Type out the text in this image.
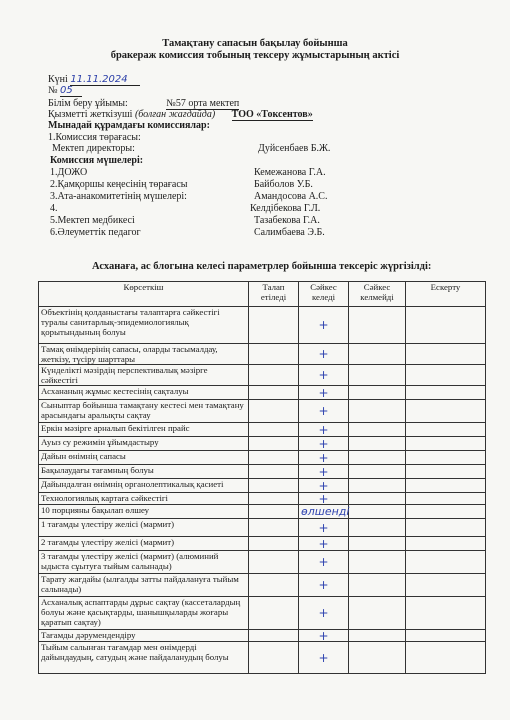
Тамақтану сапасын бақылау бойынша
бракераж комиссия тобының тексеру жұмыстарының актісі
Күні 11.11.2024
№ 05
Білім беру ұйымы:	№57 орта мектеп
Қызметті жеткізуші (болған жағдайда) ТОО «Токсентов»
Мынадай құрамдағы комиссиялар:
1.Комиссия төрағасы:
Мектеп директоры:	Дуйсенбаев Б.Ж.
Комиссия мүшелері:
1.ДОЖО	Кемежанова Г.А.
2.Қамқоршы кеңесінің төрағасы	Байболов У.Б.
3.Ата-анакомитетінің мүшелері:	Амандосова А.С.
4.	Келдібекова Г.Л.
5.Мектеп медбикесі	Тазабекова Г.А.
6.Әлеуметтік педагог	Салимбаева Э.Б.
Асханаға, ас блогына келесі параметрлер бойынша тексеріс жүргізілді:
Көрсеткіш	Талап етіледі	Сәйкес келеді	Сәйкес келмейді	Ескерту
Объектінің қолданыстағы талаптарға сәйкестігі туралы санитарлық-эпидемиологиялық қорытындының болуы		+		
Тамақ өнімдерінің сапасы, оларды тасымалдау, жеткізу, түсіру шарттары		+		
Күнделікті мәзірдің перспективалық мәзірге сәйкестігі		+		
Асхананың жұмыс кестесінің сақталуы		+		
Сыныптар бойынша тамақтану кестесі мен тамақтану арасындағы аралықты сақтау		+		
Еркін мәзірге арналып бекітілген прайс		+		
Ауыз су режимін ұйымдастыру		+		
Дайын өнімнің сапасы		+		
Бақылаудағы тағамның болуы		+		
Дайындалған өнімнің органолептикалық қасиеті		+		
Технологиялық картаға сәйкестігі		+		
10 порцияны бақылап өлшеу		өлшенді		
1 тағамды үлестіру желісі (мармит)		+		
2 тағамды үлестіру желісі (мармит)		+		
3 тағамды үлестіру желісі (мармит) (алюминий ыдыста сұытуға тыйым салынады)		+		
Тарату жағдайы (ылғалды затты пайдалануға тыйым салынады)		+		
Асханалық аспаптарды дұрыс сақтау (кассеталардың болуы және қасықтарды, шанышқыларды жоғары қаратып сақтау)		+		
Тағамды дәрумендендіру		+		
Тыйым салынған тағамдар мен өнімдерді дайындаудың, сатудың және пайдаланудың болуы		+		
